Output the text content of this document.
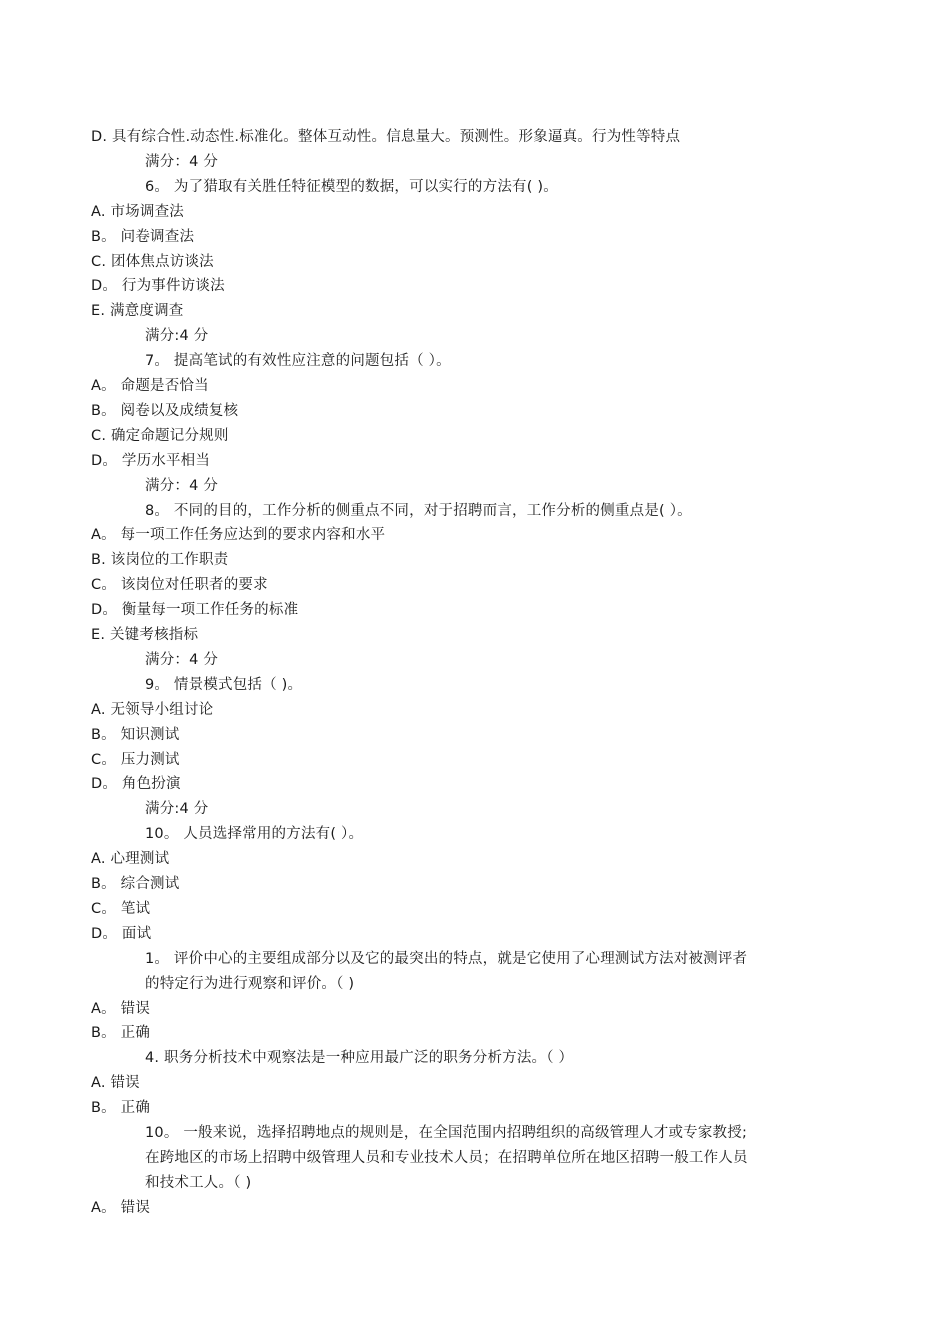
D. 具有综合性.动态性.标准化。整体互动性。信息量大。预测性。形象逼真。行为性等特点
满分：4 分
6。 为了猎取有关胜任特征模型的数据，可以实行的方法有( )。
A. 市场调查法
B。 问卷调查法
C. 团体焦点访谈法
D。 行为事件访谈法
E. 满意度调查
满分:4 分
7。 提高笔试的有效性应注意的问题包括（ ）。
A。 命题是否恰当
B。 阅卷以及成绩复核
C. 确定命题记分规则
D。 学历水平相当
满分：4 分
8。 不同的目的，工作分析的侧重点不同，对于招聘而言，工作分析的侧重点是( ）。
A。 每一项工作任务应达到的要求内容和水平
B. 该岗位的工作职责
C。 该岗位对任职者的要求
D。 衡量每一项工作任务的标准
E. 关键考核指标
满分：4 分
9。 情景模式包括（ )。
A. 无领导小组讨论
B。 知识测试
C。 压力测试
D。 角色扮演
满分:4 分
10。 人员选择常用的方法有( ）。
A. 心理测试
B。 综合测试
C。 笔试
D。 面试
1。 评价中心的主要组成部分以及它的最突出的特点，就是它使用了心理测试方法对被测评者
的特定行为进行观察和评价。（ )
A。 错误
B。 正确
4. 职务分析技术中观察法是一种应用最广泛的职务分析方法。（ ）
A. 错误
B。 正确
10。 一般来说，选择招聘地点的规则是，在全国范围内招聘组织的高级管理人才或专家教授;
在跨地区的市场上招聘中级管理人员和专业技术人员；在招聘单位所在地区招聘一般工作人员
和技术工人。（ )
A。 错误
